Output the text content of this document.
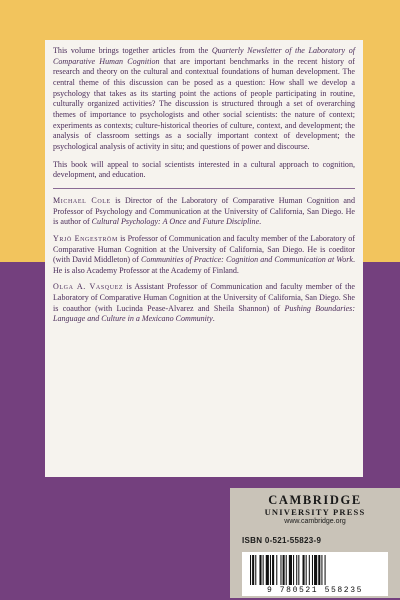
This volume brings together articles from the Quarterly Newsletter of the Laboratory of Comparative Human Cognition that are important benchmarks in the recent history of research and theory on the cultural and contextual foundations of human development. The central theme of this discussion can be posed as a question: How shall we develop a psychology that takes as its starting point the actions of people participating in routine, culturally organized activities? The discussion is structured through a set of overarching themes of importance to psychologists and other social scientists: the nature of context; experiments as contexts; culture-historical theories of culture, context, and development; the analysis of classroom settings as a socially important context of development; the psychological analysis of activity in situ; and questions of power and discourse.

This book will appeal to social scientists interested in a cultural approach to cognition, development, and education.

Michael Cole is Director of the Laboratory of Comparative Human Cognition and Professor of Psychology and Communication at the University of California, San Diego. He is author of Cultural Psychology: A Once and Future Discipline.

Yrjö Engeström is Professor of Communication and faculty member of the Laboratory of Comparative Human Cognition at the University of California, San Diego. He is coeditor (with David Middleton) of Communities of Practice: Cognition and Communication at Work. He is also Academy Professor at the Academy of Finland.

Olga A. Vasquez is Assistant Professor of Communication and faculty member of the Laboratory of Comparative Human Cognition at the University of California, San Diego. She is coauthor (with Lucinda Pease-Alvarez and Sheila Shannon) of Pushing Boundaries: Language and Culture in a Mexicano Community.

CAMBRIDGE
UNIVERSITY PRESS
www.cambridge.org
ISBN 0-521-55823-9
9 780521 558235
